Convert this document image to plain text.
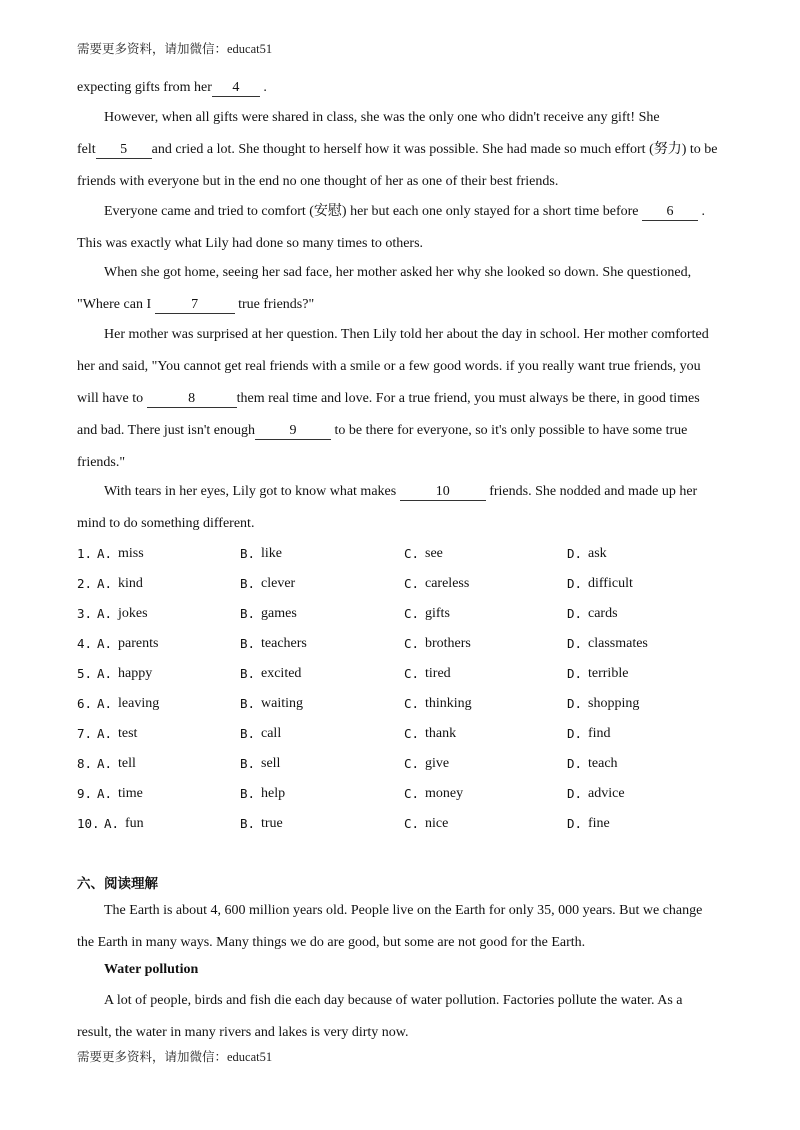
需要更多资料，请加微信：educat51
expecting gifts from her 4 .
However, when all gifts were shared in class, she was the only one who didn't receive any gift! She
felt 5 and cried a lot. She thought to herself how it was possible. She had made so much effort (努力) to be
friends with everyone but in the end no one thought of her as one of their best friends.
Everyone came and tried to comfort (安慰) her but each one only stayed for a short time before 6 .
This was exactly what Lily had done so many times to others.
When she got home, seeing her sad face, her mother asked her why she looked so down. She questioned,
"Where can I	7	true friends?"
Her mother was surprised at her question. Then Lily told her about the day in school. Her mother comforted
her and said, "You cannot get real friends with a smile or a few good words. if you really want true friends, you
will have to	8	them real time and love. For a true friend, you must always be there, in good times
and bad. There just isn't enough 9 to be there for everyone, so it's only possible to have some true
friends."
With tears in her eyes, Lily got to know what makes	10	friends. She nodded and made up her
mind to do something different.
1. A. miss	B. like	C. see	D. ask
2. A. kind	B. clever	C. careless	D. difficult
3. A. jokes	B. games	C. gifts	D. cards
4. A. parents	B. teachers	C. brothers	D. classmates
5. A. happy	B. excited	C. tired	D. terrible
6. A. leaving	B. waiting	C. thinking	D. shopping
7. A. test	B. call	C. thank	D. find
8. A. tell	B. sell	C. give	D. teach
9. A. time	B. help	C. money	D. advice
10. A. fun	B. true	C. nice	D. fine
六、阅读理解
The Earth is about 4, 600 million years old. People live on the Earth for only 35, 000 years. But we change
the Earth in many ways. Many things we do are good, but some are not good for the Earth.
Water pollution
A lot of people, birds and fish die each day because of water pollution. Factories pollute the water. As a
result, the water in many rivers and lakes is very dirty now.
需要更多资料，请加微信：educat51
